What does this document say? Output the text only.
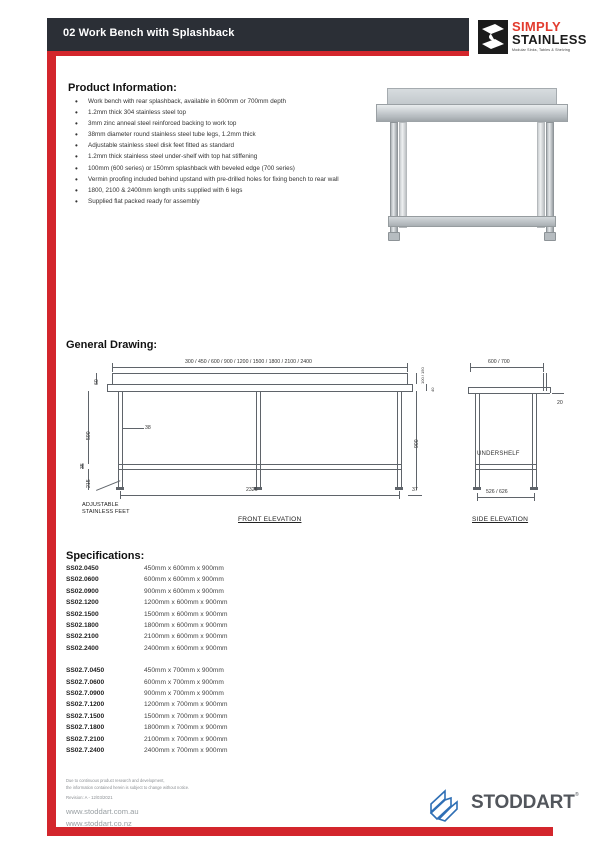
02 Work Bench with Splashback	SIMPLY
STAINLESS
Modular Sinks, Tables & Shelving
Product Information:
•	Work bench with rear splashback, available in 600mm or 700mm depth
•	1.2mm thick 304 stainless steel top
•	3mm zinc anneal steel reinforced backing to work top
•	38mm diameter round stainless steel tube legs, 1.2mm thick
•	Adjustable stainless steel disk feet fitted as standard
•	1.2mm thick stainless steel under-shelf with top hat stiffening
•	100mm (600 series) or 150mm splashback with beveled edge (700 series)
•	Vermin proofing included behind upstand with pre-drilled holes for fixing bench to rear wall
•	1800, 2100 & 2400mm length units supplied with 6 legs
•	Supplied flat packed ready for assembly
General Drawing:
300 / 450 / 600 / 900 / 1200 / 1500 / 1800 / 2100 / 2400
60
590
35
215
38
100 / 150
40
900
2326	37
ADJUSTABLE
STAINLESS FEET
FRONT ELEVATION
600 / 700
20
UNDERSHELF
526 / 626
SIDE ELEVATION
Specifications:
SS02.0450	450mm x 600mm x 900mm
SS02.0600	600mm x 600mm x 900mm
SS02.0900	900mm x 600mm x 900mm
SS02.1200	1200mm x 600mm x 900mm
SS02.1500	1500mm x 600mm x 900mm
SS02.1800	1800mm x 600mm x 900mm
SS02.2100	2100mm x 600mm x 900mm
SS02.2400	2400mm x 600mm x 900mm
SS02.7.0450	450mm x 700mm x 900mm
SS02.7.0600	600mm x 700mm x 900mm
SS02.7.0900	900mm x 700mm x 900mm
SS02.7.1200	1200mm x 700mm x 900mm
SS02.7.1500	1500mm x 700mm x 900mm
SS02.7.1800	1800mm x 700mm x 900mm
SS02.7.2100	2100mm x 700mm x 900mm
SS02.7.2400	2400mm x 700mm x 900mm
Due to continuous product research and development,
the information contained herein is subject to change without notice.
Revision: A - 12/03/2021
www.stoddart.com.au
www.stoddart.co.nz
STODDART ®
